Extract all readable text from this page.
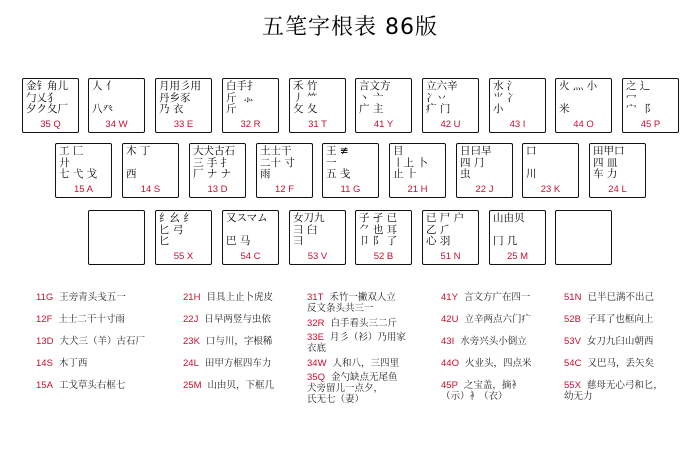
五笔字根表 86版
金钅角儿
勹乂犭
夕ク夂厂
35 Q
人 亻

八癶
34 W
月用彡用
丹乡豕
乃 衣
33 E
白手扌
斤  ⺗
斤
32 R
禾 竹
丿 ⺮
攵 夂
31 T
言文方
丶 亠
广 主
41 Y
立六辛
冫丷
疒 门
42 U
水 氵
⺌ 冫
小
43 I
火 灬 小

米
44 O
之 辶
冖
宀 ⻏
45 P
工 匚
廾
七 弋 戈
15 A
木 丁

西
14 S
大犬古石
三 手 ⺘
厂 ナ ナ
13 D
土士干
二十 寸
雨
12 F
王 ≢
一
五 戋
11 G
目
丨上 卜
止 ⺊
21 H
日曰早
四 ⺆
虫
22 J
口

川
23 K
田甲口
四 皿
车 力
24 L
纟幺 纟
匕 弓
匕
55 X
又スマム

巴 马
54 C
女刀九
彐 臼
⺕
53 V
子 孑 已
⺈ 也 耳
卩 阝 了
52 B
已 尸 户
乙 ⺁
心 羽
51 N
山由贝

冂 几
25 M
11G 王旁青头戋五一
12F 土士二干十寸雨
13D 大犬三（羊）古石厂
14S 木丁西
15A 工戈草头右框七
21H 目具上止卜虎皮
22J 日早两竖与虫依
23K 口与川，字根稀
24L 田甲方框四车力
25M 山由贝，下框几
31T 禾竹一撇双人立
反文条头共三一
32R 白手看头三二斤
33E 月彡（衫）乃用家
衣底
34W 人和八，三四里
35Q 金勺缺点无尾鱼
犬旁留儿一点夕，
氏无七（妻）
41Y 言文方广在四一
42U 立辛两点六门疒
43I 水旁兴头小倒立
44O 火业头，四点米
45P 之宝盖，摘衤
（示）衤（衣）
51N 已半巳满不出己
52B 子耳了也框向上
53V 女刀九臼山朝西
54C 又巴马，丢矢矣
55X 慈母无心弓和匕，
幼无力
